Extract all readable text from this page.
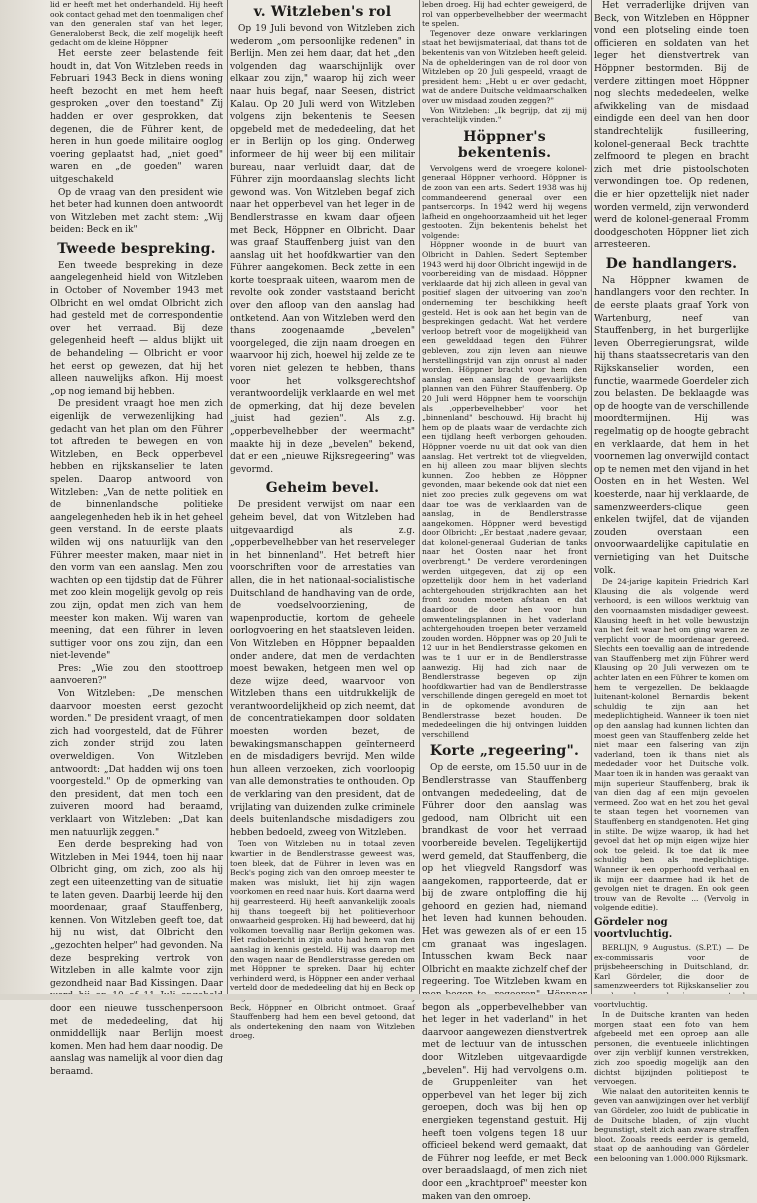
lid er heeft met het onderhandeld. Hij heeft ook contact gehad met den toenmaligen chef van den generalen staf van het leger, Generaloberst Beck, die zelf mogelijk heeft gedacht om de kleine Höppner

Het eerste zeer belastende feit houdt in, dat Von Witzleben reeds in Februari 1943 Beck in diens woning heeft bezocht en met hem heeft gesproken „over den toestand" Zij hadden er over gesprokken, dat degenen, die de Führer kent, de heren in hun goede militaire ooglog voering geplaatst had, „niet goed" waren en „de goeden" waren uitgeschakeld

Op de vraag van den president wie het beter had kunnen doen antwoordt von Witzleben met zacht stem: „Wij beiden: Beck en ik"

Tweede bespreking.

Een tweede bespreking in deze aangelegenheid hield von Witzleben in October of November 1943 met Olbricht en wel omdat Olbricht zich had gesteld met de correspondentie over het verraad. Bij deze gelegenheid heeft — aldus blijkt uit de behandeling — Olbricht er voor het eerst op gewezen, dat hij het alleen nauwelijks afkon. Hij moest „op nog iemand bij hebben.

De president vraagt hoe men zich eigenlijk de verwezenlijking had gedacht van het plan om den Führer tot aftreden te bewegen en von Witzleben, en Beck opperbevel hebben en rijkskanselier te laten spelen. Daarop antwoord von Witzleben: „Van de nette politiek en de binnenlandsche politieke aangelegenheden heb ik in het geheel geen verstand. In de eerste plaats wilden wij ons natuurlijk van den Führer meester maken, maar niet in den vorm van een aanslag. Men zou wachten op een tijdstip dat de Führer met zoo klein mogelijk gevolg op reis zou zijn, opdat men zich van hem meester kon maken. Wij waren van meening, dat een führer in leven suttiger voor ons zou zijn, dan een niet-levende"

Pres: „Wie zou den stoottroep aanvoeren?"

Von Witzleben: „De menschen daarvoor moesten eerst gezocht worden." De president vraagt, of men zich had voorgesteld, dat de Führer zich zonder strijd zou laten overweldigen. Von Witzleben antwoordt: „Dat hadden wij ons toen voorgesteld." Op de opmerking van den president, dat men toch een zuiveren moord had beraamd, verklaart von Witzleben: „Dat kan men natuurlijk zeggen."

Een derde bespreking had von Witzleben in Mei 1944, toen hij naar Olbricht ging, om zich, zoo als hij zegt een uiteenzetting van de situatie te laten geven. Daarbij leerde hij den moordenaar, graaf Stauffenberg, kennen. Von Witzleben geeft toe, dat hij nu wist, dat Olbricht den „gezochten helper" had gevonden. Na deze bespreking vertrok von Witzleben in alle kalmte voor zijn gezondheid naar Bad Kissingen. Daar door een nieuwe tusschenpersoon met de mededeeling, dat hij onmiddellijk naar Berlijn moest komen. Men had hem daar noodig. De aanslag was namelijk al voor dien dag beraamd.

v. Witzleben's rol

Op 19 Juli bevond von Witzleben zich wederom „om persoonlijke redenen" in Berlijn. Men zei hem daar, dat het „den volgenden dag waarschijnlijk over elkaar zou zijn," waarop hij zich weer naar huis begaf, naar Seesen, district Kalau. Op 20 Juli werd von Witzleben volgens zijn bekentenis te Seesen opgebeld met de mededeeling, dat het er in Berlijn op los ging. Onderweg informeer de hij weer bij een militair bureau, naar verluidt daar, dat de Führer zijn moordaanslag slechts licht gewond was. Von Witzleben begaf zich naar het opperbevel van het leger in de Bendlerstrasse en kwam daar ofjeen met Beck, Höppner en Olbricht. Daar was graaf Stauffenberg juist van den aanslag uit het hoofdkwartier van den Führer aangekomen. Beck zette in een korte toespraak uiteen, waarom men de revolte ook zonder vaststaand bericht over den afloop van den aanslag had ontketend. Aan von Witzleben werd den thans zoogenaamde „bevelen" voorgeleged, die zijn naam droegen en waarvoor hij zich, hoewel hij zelde ze te voren niet gelezen te hebben, thans voor het volksgerechtshof verantwoordelijk verklaarde en wel met de opmerking, dat hij deze bevelen „juist had gezien". Als z.g. „opperbevelhebber der weermacht" maakte hij in deze „bevelen" bekend, dat er een „nieuwe Rijksregeering" was gevormd.

Geheim bevel.

De president verwijst om naar een geheim bevel, dat von Witzleben had uitgevaardigd als z.g. „opperbevelhebber van het reserveleger in het binnenland". Het betreft hier voorschriften voor de arrestaties van allen, die in het nationaal-socialistische Duitschland de handhaving van de orde, de voedselvoorziening, de wapenproductie, kortom de geheele oorlogvoering en het staatsleven leiden. Von Witzleben en Höppner bepaalden onder andere, dat men de verdachten moest bewaken, hetgeen men wel op deze wijze deed, waarvoor von Witzleben thans een uitdrukkelijk de verantwoordelijkheid op zich neemt, dat de concentratiekampen door soldaten moesten worden bezet, de bewakingsmanschappen geïnterneerd en de misdadigers bevrijd. Men wilde hun alleen verzoeken, zich voorloopig van alle demonstraties te onthouden. Op de verklaring van den president, dat de vrijlating van duizenden zulke criminele deels buitenlandsche misdadigers zou hebben bedoeld, zweeg von Witzleben.

Toen von Witzleben nu in totaal zeven kwartier in de Bendlerstrasse geweest was, toen bleek, dat de Führer in leven was en Beck's poging zich van den omroep meester te maken was mislukt, liet hij zijn wagen voorkomen en reed naar huis. Kort daarna werd hij gearresteerd. Hij heeft aanvankelijk zooals hij thans toegeeft bij het politieverhoor onwaarheid gesproken. Hij had beweerd, dat hij volkomen toevallig naar Berlijn gekomen was. Het radiobericht in zijn auto had hem van den aanslag in kennis gesteld. Hij was daarop met den wagen naar de Bendlerstrasse gereden om met Höppner te spreken. Daar hij echter verhinderd werd, is Höppner een ander verhaal verteld door de mededeeling dat hij en Beck op Beck, Höppner en Olbricht ontmoet. Graaf Stauffenberg had hem een bevel getoond, dat als ondertekening den naam von Witzleben droeg.

leben droeg. Hij had echter geweigerd, de rol van opperbevelhebber der weermacht te spelen.

Tegenover deze onware verklaringen staat het bewijsmateriaal, dat thans tot de bekentenis van von Witzleben heeft geleid. Na de ophelderingen van de rol door von Witzleben op 20 Juli gespeeld, vraagt de president hem: „Hebt u er over gedacht, wat de andere Duitsche veldmaarschalken over uw misdaad zouden zeggen?"

Von Witzleben: „Ik begrijp, dat zij mij verachtelijk vinden."

Höppner's bekentenis.

Vervolgens werd de vroegere kolonel-generaal Höppner verhoord. Höppner is de zoon van een arts. Sedert 1938 was hij commandeerend generaal over een pantsercorps. In 1942 werd hij wegens lafheid en ongehoorzaamheid uit het leger gestooten. Zijn bekentenis behelst het volgende:

Höppner woonde in de buurt van Olbricht in Dahlen. Sedert September 1943 werd hij door Olbricht ingewijd in de voorbereiding van de misdaad. Höppner verklaarde dat hij zich alleen in geval van positief slagen der uitvoering van zoo'n onderneming ter beschikking heeft gesteld. Het is ook aan het begin van de besprekingen gedacht. Wat het verdere verloop betreft voor de mogelijkheid van een gewelddaad tegen den Führer gebleven, zou zijn leven aan nieuwe herstellingstrijd van zijn onrust al nader worden. Höppner bracht voor hem den aanslag een aanslag de gevaarlijkste plannen van den Führer Stauffenberg. Op 20 Juli werd Höppner hem te voorschijn als ‚opperbevelhebber' voor het „binnenland" beschouwd. Hij bracht hij hem op de plaats waar de verdachte zich een tijdlang heeft verborgen gehouden. Höppner voerde nu uit dat ook van dien aanslag. Het vertrekt tot de vliegvelden, en hij alleen zou maar blijven slechts kunnen. Zoo hebben ze Höppner gevonden, maar bekende ook dat niet een niet zoo precies zulk gegevens om wat daar toe was de verklaarden van de aanslag, in de Bendlerstrasse aangekomen. Höppner werd bevestigd door Olbricht: „Er bestaat ‚nadere gevaar, dat kolonel-generaal Guderian de tanks naar het Oosten naar het front overbrengt." De verdere verordeningen werden uitgegeven, dat zij op een opzettelijk door hem in het vaderland achtergehouden strijdkrachten aan het front zouden moeten afstaan en dat daardoor de door hen voor hun omwentelingsplannen in het vaderland achtergehouden troepen beter verzameld zouden worden. Höppner was op 20 Juli te 12 uur in het Bendlerstrasse gekomen en was te 1 uur er in de Bendlerstrasse aanwezig. Hij had zich naar de Bendlerstrasse begeven op zijn hoofdkwartier had van de Bendlerstrasse verschillende dingen geregeld en moet tot in de opkomende avonduren de Bendlerstrasse bezet houden. De mededeelingen die hij ontvingen luidden verschillend

Korte „regeering".

Op de eerste, om 15.50 uur in de Bendlerstrasse van Stauffenberg ontvangen mededeeling, dat de Führer door den aanslag was gedood, nam Olbricht uit een brandkast de voor het verraad voorbereide bevelen. Tegelijkertijd werd gemeld, dat Stauffenberg, die op het vliegveld Rangsdorf was aangekomen, rapporteerde, dat er bij de zware ontploffing die hij gehoord en gezien had, niemand het leven had kunnen behouden. Het was gewezen als of er een 15 cm granaat was ingeslagen. Intusschen kwam Beck naar Olbricht en maakte zichzelf chef der regeering. Toe Witzleben kwam en begon als „opperbevelhebber van het leger in het vaderland" in het daarvoor aangewezen dienstvertrek met de lectuur van de intusschen door Witzleben uitgevaardigde „bevelen". Hij had vervolgens o.m. de Gruppenleiter van het opperbevel van het leger bij zich geroepen, doch was bij hen op energieken tegenstand gestuit. Hij heeft toen volgens tegen 18 uur officieel bekend werd gemaakt, dat de Führer nog leefde, er met Beck over beraadslaagd, of men zich niet door een „krachtproef" meester kon maken van den omroep.

Het verraderlijke drijven van Beck, von Witzleben en Höppner vond een plotseling einde toen officieren en soldaten van het leger het dienstvertrek van Höppner bestormden. Bij de verdere zittingen moet Höppner nog slechts mededeelen, welke afwikkeling van de misdaad eindigde een deel van hen door standrechtelijk fusilleering, kolonel-generaal Beck trachtte zelfmoord te plegen en bracht zich met drie pistoolschoten verwondingen toe. Op redenen, die er hier opzettelijk niet nader worden vermeld, zijn verwonderd werd de kolonel-generaal Fromm doodgeschoten Höppner liet zich arresteeren.

De handlangers.

Na Höppner kwamen de handlangers voor den rechter. In de eerste plaats graaf York von Wartenburg, neef van Stauffenberg, in het burgerlijke leven Oberregierungsrat, wilde hij thans staatssecretaris van den Rijkskanselier worden, een functie, waarmede Goerdeler zich zou belasten. De beklaagde was op de hoogte van de verschillende moordtermijnen. Hij was regelmatig op de hoogte gebracht en verklaarde, dat hem in het voornemen lag onverwijld contact op te nemen met den vijand in het Oosten en in het Westen. Wel koesterde, naar hij verklaarde, de samenzweerders-clique geen enkelen twijfel, dat de vijanden zouden overstaan een onvoorwaardelijke capitulatie en vernietiging van het Duitsche volk.

De 24-jarige kapitein Friedrich Karl Klausing die als volgende werd verhoord, is een willoos werktuig van den voornaamsten misdadiger geweest. Klausing heeft in het volle bewustzijn van het feit waar het om ging waren ze verplicht voor de moordenaar gereed. Slechts een toevallig aan de intredende van Stauffenberg met zijn Führer werd Klausing op 20 Juli verwezen om te achter laten en een Führer te komen om hem te vergezellen. De beklaagde luitenant-kolonel Bernardis bekent schuldig te zijn aan het medeplichtigheid. Wanneer ik toen niet op den aanslag had kunnen lichten dan moest geen van Stauffenberg zelde het niet maar een falsering van zijn vaderland, toen ik thans niet als mededader voor het Duitsche volk. Maar toen ik in handen was geraakt van mijn superieur Stauffenberg, brak ik van dien dag af een mijn gevoelen vermeed. Zoo wat en het zou het geval te staan tegen het voornemen van Stauffenberg en standgenoten. Het ging in stilte. De wijze waarop, ik had het gevoel dat het op mijn eigen wijze hier ook toe geleid. Ik toe dat ik mee schuldig ben als medeplichtige. Wanneer ik een opperhoofd verhaal en ik mijn eer daarmee had ik het de gevolgen niet te dragen. En ook geen trouw van de Revolte ... (Vervolg in volgende editie).

Gördeler nog voortvluchtig.

BERLIJN, 9 Augustus. (S.P.T.) — De ex-commissaris voor de prijsbeheersching in Duitschland, dr. Karl Gördeler, die door de samenzweerders tot Rijkskanselier zou voortvluchtig.

In de Duitsche kranten van heden morgen staat een foto van hem afgebeeld met een oproep aan alle personen, die eventueele inlichtingen over zijn verblijf kunnen verstrekken, zich zoo spoedig mogelijk aan den dichtst bijzijnden politiepost te vervoegen.

Wie nalaat den autoriteiten kennis te geven van aanwijzingen over het verblijf van Gördeler, zoo luidt de publicatie in de Duitsche bladen, of zijn vlucht begunstigt, stelt zich aan zware straffen bloot. Zooals reeds eerder is gemeld, staat op de aanhouding van Gördeler een belooning van 1.000.000 Rijksmark.
